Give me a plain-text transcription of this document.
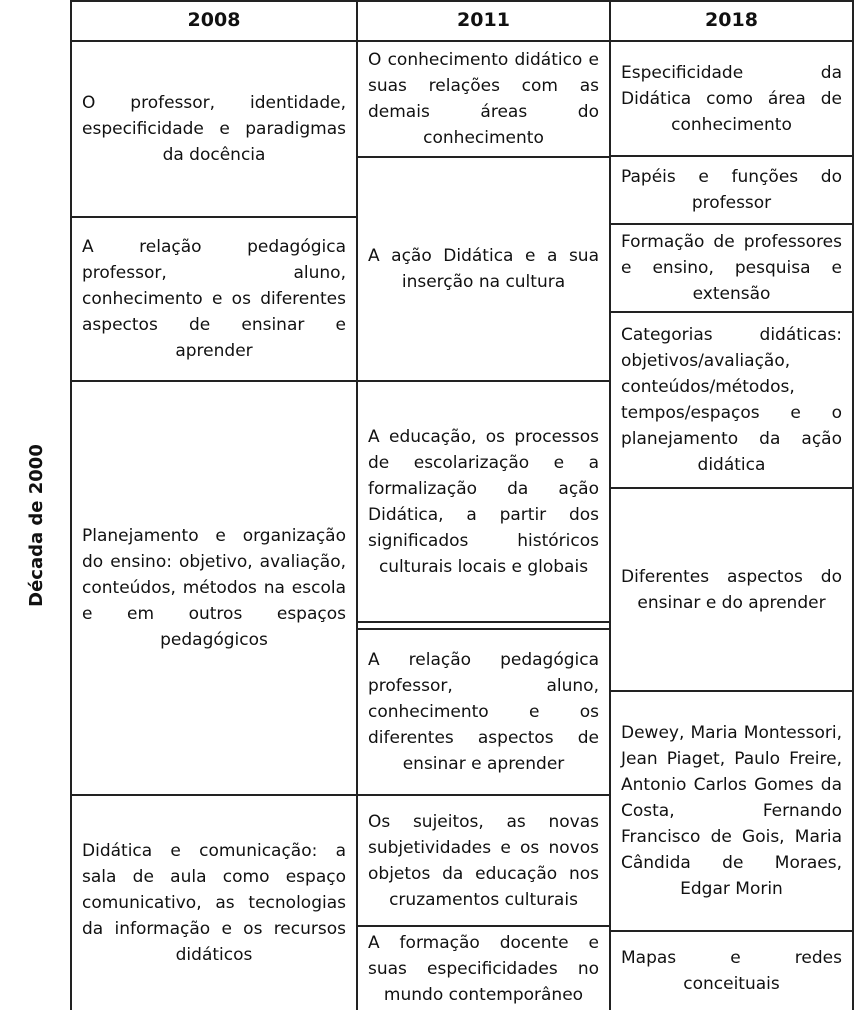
2008	2011	2018
Década de 2000
O professor, identidade, especificidade e paradigmas da docência
A relação pedagógica professor, aluno, conhecimento e os diferentes aspectos de ensinar e aprender
Planejamento e organização do ensino: objetivo, avaliação, conteúdos, métodos na escola e em outros espaços pedagógicos
Didática e comunicação: a sala de aula como espaço comunicativo, as tecnologias da informação e os recursos didáticos
O conhecimento didático e suas relações com as demais áreas do conhecimento
A ação Didática e a sua inserção na cultura
A educação, os processos de escolarização e a formalização da ação Didática, a partir dos significados históricos culturais locais e globais
A relação pedagógica professor, aluno, conhecimento e os diferentes aspectos de ensinar e aprender
Os sujeitos, as novas subjetividades e os novos objetos da educação nos cruzamentos culturais
A formação docente e suas especificidades no mundo contemporâneo
Especificidade da Didática como área de conhecimento
Papéis e funções do professor
Formação de professores e ensino, pesquisa e extensão
Categorias didáticas: objetivos/avaliação, conteúdos/métodos, tempos/espaços e o planejamento da ação didática
Diferentes aspectos do ensinar e do aprender
Dewey, Maria Montessori, Jean Piaget, Paulo Freire, Antonio Carlos Gomes da Costa, Fernando Francisco de Gois, Maria Cândida de Moraes, Edgar Morin
Mapas e redes conceituais
